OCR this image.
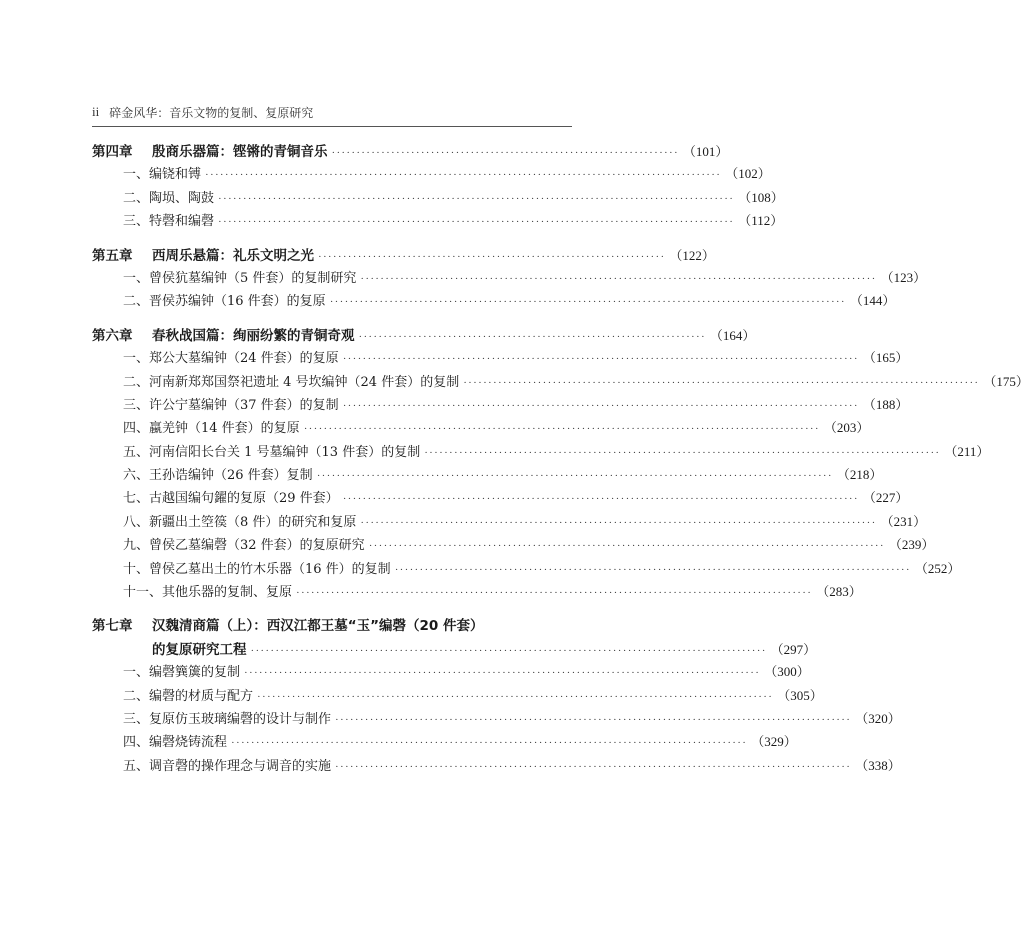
ii 碎金风华：音乐文物的复制、复原研究
第四章	殷商乐器篇：铿锵的青铜音乐 ······································································ （101）
一、编铙和镈 ········································································································ （102）
二、陶埙、陶鼓 ········································································································ （108）
三、特磬和编磬 ········································································································ （112）
第五章	西周乐悬篇：礼乐文明之光 ······································································ （122）
一、曾侯犺墓编钟（5 件套）的复制研究 ········································································································ （123）
二、晋侯苏编钟（16 件套）的复原 ········································································································ （144）
第六章	春秋战国篇：绚丽纷繁的青铜奇观 ······································································ （164）
一、郑公大墓编钟（24 件套）的复原 ········································································································ （165）
二、河南新郑郑国祭祀遗址 4 号坎编钟（24 件套）的复制 ········································································································ （175）
三、许公宁墓编钟（37 件套）的复制 ········································································································ （188）
四、蠃羌钟（14 件套）的复原 ········································································································ （203）
五、河南信阳长台关 1 号墓编钟（13 件套）的复制 ········································································································ （211）
六、王孙诰编钟（26 件套）复制 ········································································································ （218）
七、古越国编句鑃的复原（29 件套） ········································································································ （227）
八、新疆出土箜篌（8 件）的研究和复原 ········································································································ （231）
九、曾侯乙墓编磬（32 件套）的复原研究 ········································································································ （239）
十、曾侯乙墓出土的竹木乐器（16 件）的复制 ········································································································ （252）
十一、其他乐器的复制、复原 ········································································································ （283）
第七章	汉魏清商篇（上）：西汉江都王墓“玉”编磬（20 件套）
的复原研究工程 ········································································································ （297）
一、编磬簨簴的复制 ········································································································ （300）
二、编磬的材质与配方 ········································································································ （305）
三、复原仿玉玻璃编磬的设计与制作 ········································································································ （320）
四、编磬烧铸流程 ········································································································ （329）
五、调音磬的操作理念与调音的实施 ········································································································ （338）
